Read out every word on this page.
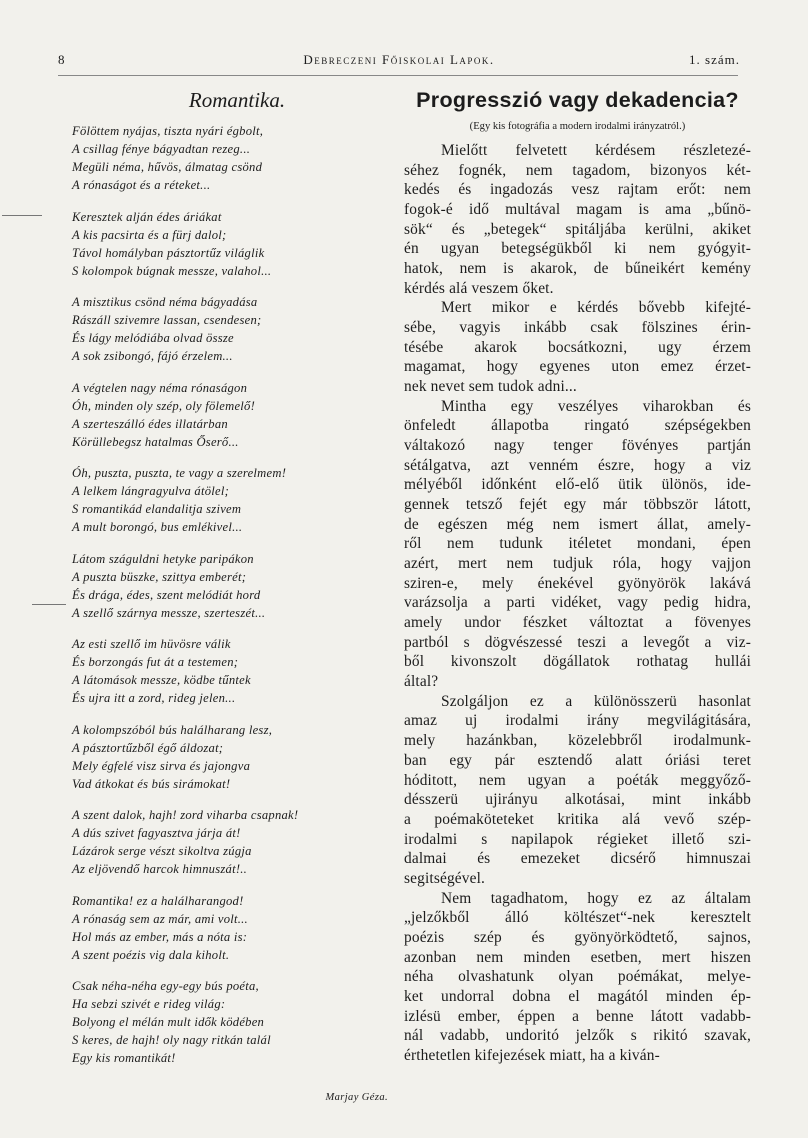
8	Debreczeni Főiskolai Lapok.	1. szám.
Romantika.
Fölöttem nyájas, tiszta nyári égbolt,
A csillag fénye bágyadtan rezeg...
Megüli néma, hűvös, álmatag csönd
A rónaságot és a réteket...
Keresztek alján édes áriákat
A kis pacsirta és a fürj dalol;
Távol homályban pásztortűz világlik
S kolompok búgnak messze, valahol...
A misztikus csönd néma bágyadása
Rászáll szivemre lassan, csendesen;
És lágy melódiába olvad össze
A sok zsibongó, fájó érzelem...
A végtelen nagy néma rónaságon
Óh, minden oly szép, oly fölemelő!
A szerteszálló édes illatárban
Körüllebegsz hatalmas Őserő...
Óh, puszta, puszta, te vagy a szerelmem!
A lelkem lángragyulva átölel;
S romantikád elandalitja szivem
A mult borongó, bus emlékivel...
Látom száguldni hetyke paripákon
A puszta büszke, szittya emberét;
És drága, édes, szent melódiát hord
A szellő szárnya messze, szerteszét...
Az esti szellő im hüvösre válik
És borzongás fut át a testemen;
A látomások messze, ködbe tűntek
És ujra itt a zord, rideg jelen...
A kolompszóból bús halálharang lesz,
A pásztortűzből égő áldozat;
Mely égfelé visz sirva és jajongva
Vad átkokat és bús sirámokat!
A szent dalok, hajh! zord viharba csapnak!
A dús szivet fagyasztva járja át!
Lázárok serge vészt sikoltva zúgja
Az eljövendő harcok himnuszát!..
Romantika! ez a halálharangod!
A rónaság sem az már, ami volt...
Hol más az ember, más a nóta is:
A szent poézis vig dala kiholt.
Csak néha-néha egy-egy bús poéta,
Ha sebzi szivét e rideg világ:
Bolyong el mélán mult idők ködében
S keres, de hajh! oly nagy ritkán talál
Egy kis romantikát!
Marjay Géza.
Progresszió vagy dekadencia?
(Egy kis fotográfia a modern irodalmi irányzatról.)
Mielőtt felvetett kérdésem részletezé-
séhez fognék, nem tagadom, bizonyos két-
kedés és ingadozás vesz rajtam erőt: nem
fogok-é idő multával magam is ama „bűnö-
sök“ és „betegek“ spitáljába kerülni, akiket
én ugyan betegségükből ki nem gyógyit-
hatok, nem is akarok, de bűneikért kemény
kérdés alá veszem őket.
Mert mikor e kérdés bővebb kifejté-
sébe, vagyis inkább csak fölszines érin-
tésébe akarok bocsátkozni, ugy érzem
magamat, hogy egyenes uton emez érzet-
nek nevet sem tudok adni...
Mintha egy veszélyes viharokban és
önfeledt állapotba ringató szépségekben
váltakozó nagy tenger fövényes partján
sétálgatva, azt venném észre, hogy a viz
mélyéből időnként elő-elő ütik ülönös, ide-
gennek tetsző fejét egy már többször látott,
de egészen még nem ismert állat, amely-
ről nem tudunk itéletet mondani, épen
azért, mert nem tudjuk róla, hogy vajjon
sziren-e, mely énekével gyönyörök lakává
varázsolja a parti vidéket, vagy pedig hidra,
amely undor fészket változtat a fövenyes
partból s dögvészessé teszi a levegőt a viz-
ből kivonszolt dögállatok rothatag hullái
által?
Szolgáljon ez a különösszerü hasonlat
amaz uj irodalmi irány megvilágitására,
mely hazánkban, közelebbről irodalmunk-
ban egy pár esztendő alatt óriási teret
hóditott, nem ugyan a poéták meggyőző-
désszerü ujirányu alkotásai, mint inkább
a poémaköteteket kritika alá vevő szép-
irodalmi s napilapok régieket illető szi-
dalmai és emezeket dicsérő himnuszai
segitségével.
Nem tagadhatom, hogy ez az általam
„jelzőkből álló költészet“-nek keresztelt
poézis szép és gyönyörködtető, sajnos,
azonban nem minden esetben, mert hiszen
néha olvashatunk olyan poémákat, melye-
ket undorral dobna el magától minden ép-
izlésü ember, éppen a benne látott vadabb-
nál vadabb, undoritó jelzők s rikitó szavak,
érthetetlen kifejezések miatt, ha a kiván-
